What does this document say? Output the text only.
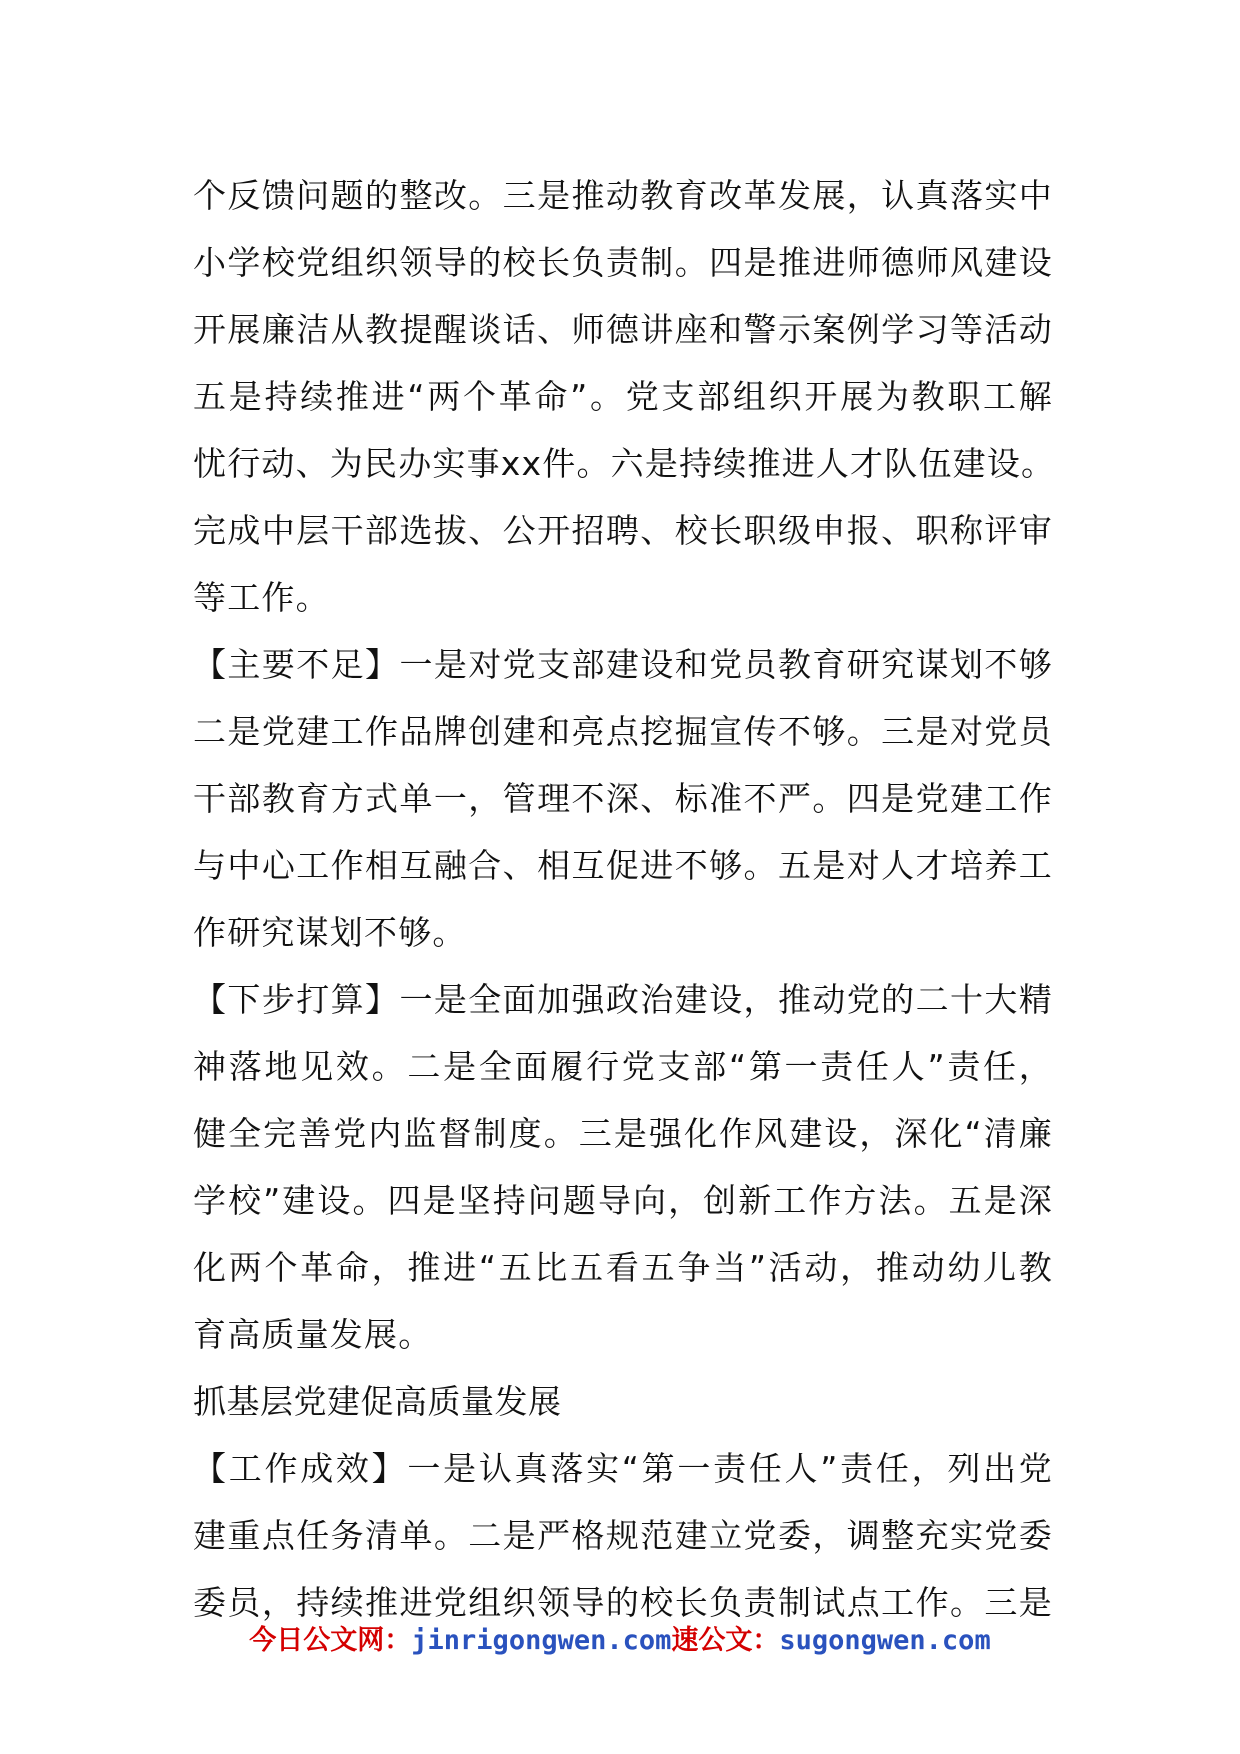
个反馈问题的整改。三是推动教育改革发展，认真落实中
小学校党组织领导的校长负责制。四是推进师德师风建设
开展廉洁从教提醒谈话、师德讲座和警示案例学习等活动
五是持续推进“两个革命”。党支部组织开展为教职工解
忧行动、为民办实事xx件。六是持续推进人才队伍建设。
完成中层干部选拔、公开招聘、校长职级申报、职称评审
等工作。
【主要不足】一是对党支部建设和党员教育研究谋划不够
二是党建工作品牌创建和亮点挖掘宣传不够。三是对党员
干部教育方式单一，管理不深、标准不严。四是党建工作
与中心工作相互融合、相互促进不够。五是对人才培养工
作研究谋划不够。
【下步打算】一是全面加强政治建设，推动党的二十大精
神落地见效。二是全面履行党支部“第一责任人”责任，
健全完善党内监督制度。三是强化作风建设，深化“清廉
学校”建设。四是坚持问题导向，创新工作方法。五是深
化两个革命，推进“五比五看五争当”活动，推动幼儿教
育高质量发展。
抓基层党建促高质量发展
【工作成效】一是认真落实“第一责任人”责任，列出党
建重点任务清单。二是严格规范建立党委，调整充实党委
委员，持续推进党组织领导的校长负责制试点工作。三是
今日公文网：jinrigongwen.com速公文：sugongwen.com
